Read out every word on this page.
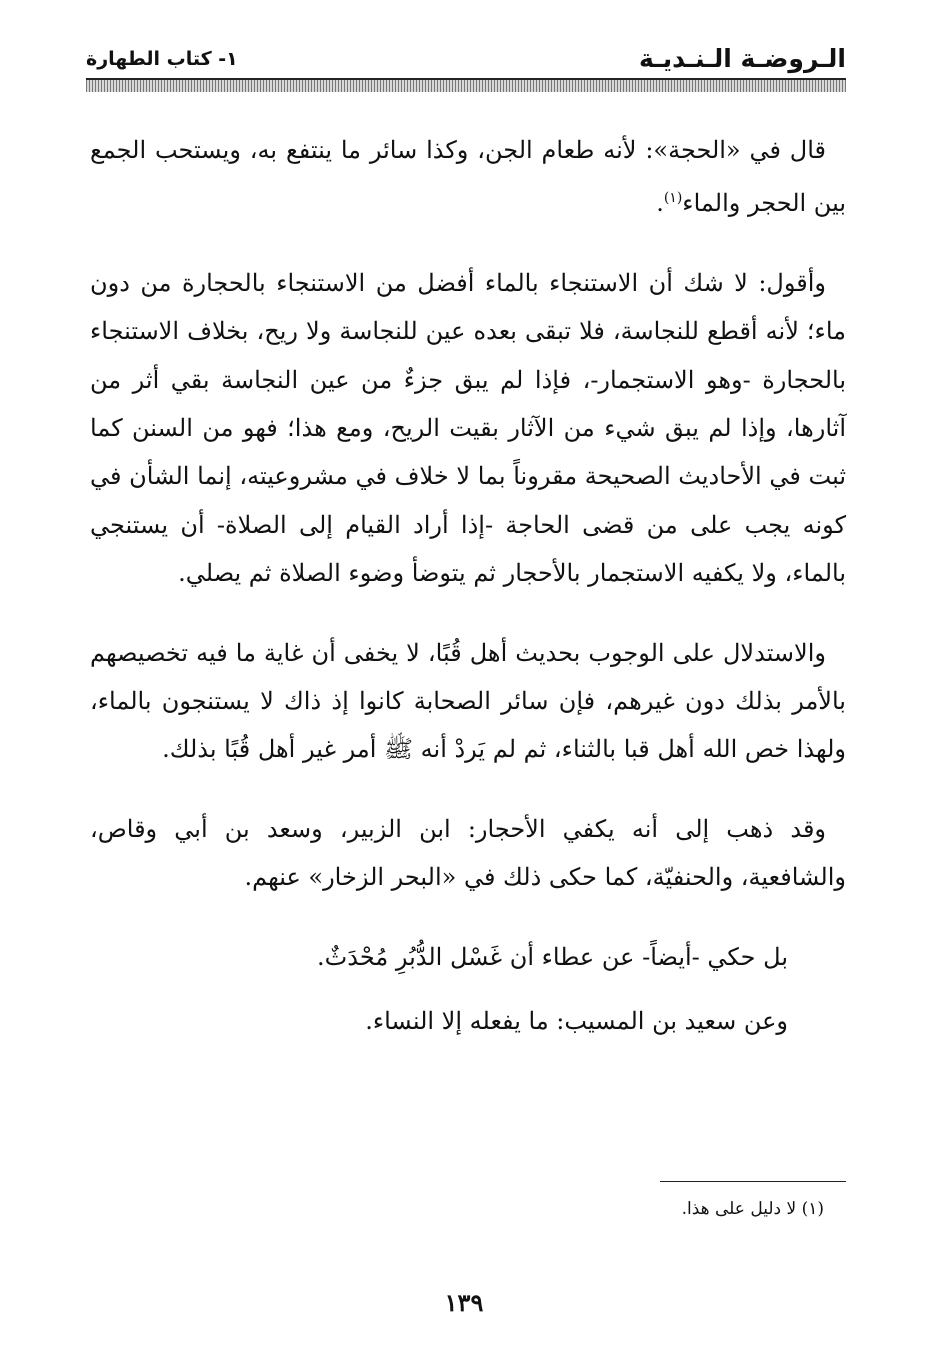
الـروضـة الـنـديـة
١- كتاب الطهارة

قال في «الحجة»: لأنه طعام الجن، وكذا سائر ما ينتفع به، ويستحب الجمع بين الحجر والماء$^{(١)}$.

وأقول: لا شك أن الاستنجاء بالماء أفضل من الاستنجاء بالحجارة من دون ماء؛ لأنه أقطع للنجاسة، فلا تبقى بعده عين للنجاسة ولا ريح، بخلاف الاستنجاء بالحجارة -وهو الاستجمار-، فإذا لم يبق جزءٌ من عين النجاسة بقي أثر من آثارها، وإذا لم يبق شيء من الآثار بقيت الريح، ومع هذا؛ فهو من السنن كما ثبت في الأحاديث الصحيحة مقروناً بما لا خلاف في مشروعيته، إنما الشأن في كونه يجب على من قضى الحاجة -إذا أراد القيام إلى الصلاة- أن يستنجي بالماء، ولا يكفيه الاستجمار بالأحجار ثم يتوضأ وضوء الصلاة ثم يصلي.

والاستدلال على الوجوب بحديث أهل قُبًا، لا يخفى أن غاية ما فيه تخصيصهم بالأمر بذلك دون غيرهم، فإن سائر الصحابة كانوا إذ ذاك لا يستنجون بالماء، ولهذا خص الله أهل قبا بالثناء، ثم لم يَردْ أنه ﷺ أمر غير أهل قُبًا بذلك.

وقد ذهب إلى أنه يكفي الأحجار: ابن الزبير، وسعد بن أبي وقاص، والشافعية، والحنفيّة، كما حكى ذلك في «البحر الزخار» عنهم.

بل حكي -أيضاً- عن عطاء أن غَسْل الدُّبُرِ مُحْدَثٌ.

وعن سعيد بن المسيب: ما يفعله إلا النساء.

(١) لا دليل على هذا.
١٣٩
